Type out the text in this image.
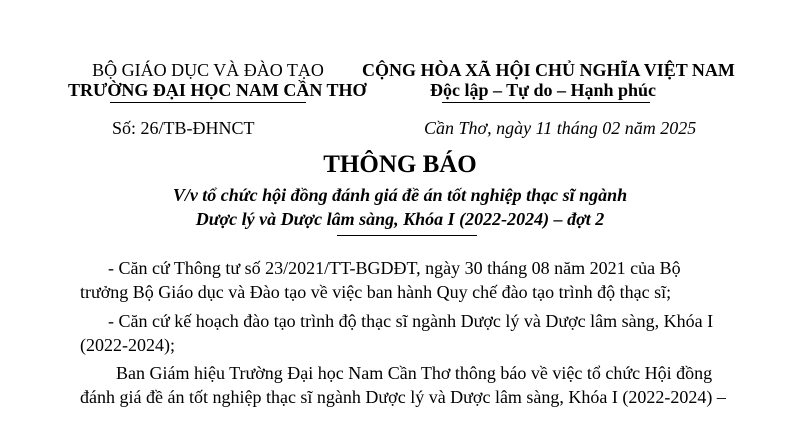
BỘ GIÁO DỤC VÀ ĐÀO TẠO
TRƯỜNG ĐẠI HỌC NAM CẦN THƠ
CỘNG HÒA XÃ HỘI CHỦ NGHĨA VIỆT NAM
Độc lập – Tự do – Hạnh phúc
Số: 26/TB-ĐHNCT	Cần Thơ, ngày 11 tháng 02 năm 2025
THÔNG BÁO
V/v tổ chức hội đồng đánh giá đề án tốt nghiệp thạc sĩ ngành
Dược lý và Dược lâm sàng, Khóa I (2022-2024) – đợt 2
- Căn cứ Thông tư số 23/2021/TT-BGDĐT, ngày 30 tháng 08 năm 2021 của Bộ
trưởng Bộ Giáo dục và Đào tạo về việc ban hành Quy chế đào tạo trình độ thạc sĩ;
- Căn cứ kế hoạch đào tạo trình độ thạc sĩ ngành Dược lý và Dược lâm sàng, Khóa I
(2022-2024);
Ban Giám hiệu Trường Đại học Nam Cần Thơ thông báo về việc tổ chức Hội đồng
đánh giá đề án tốt nghiệp thạc sĩ ngành Dược lý và Dược lâm sàng, Khóa I (2022-2024) –
